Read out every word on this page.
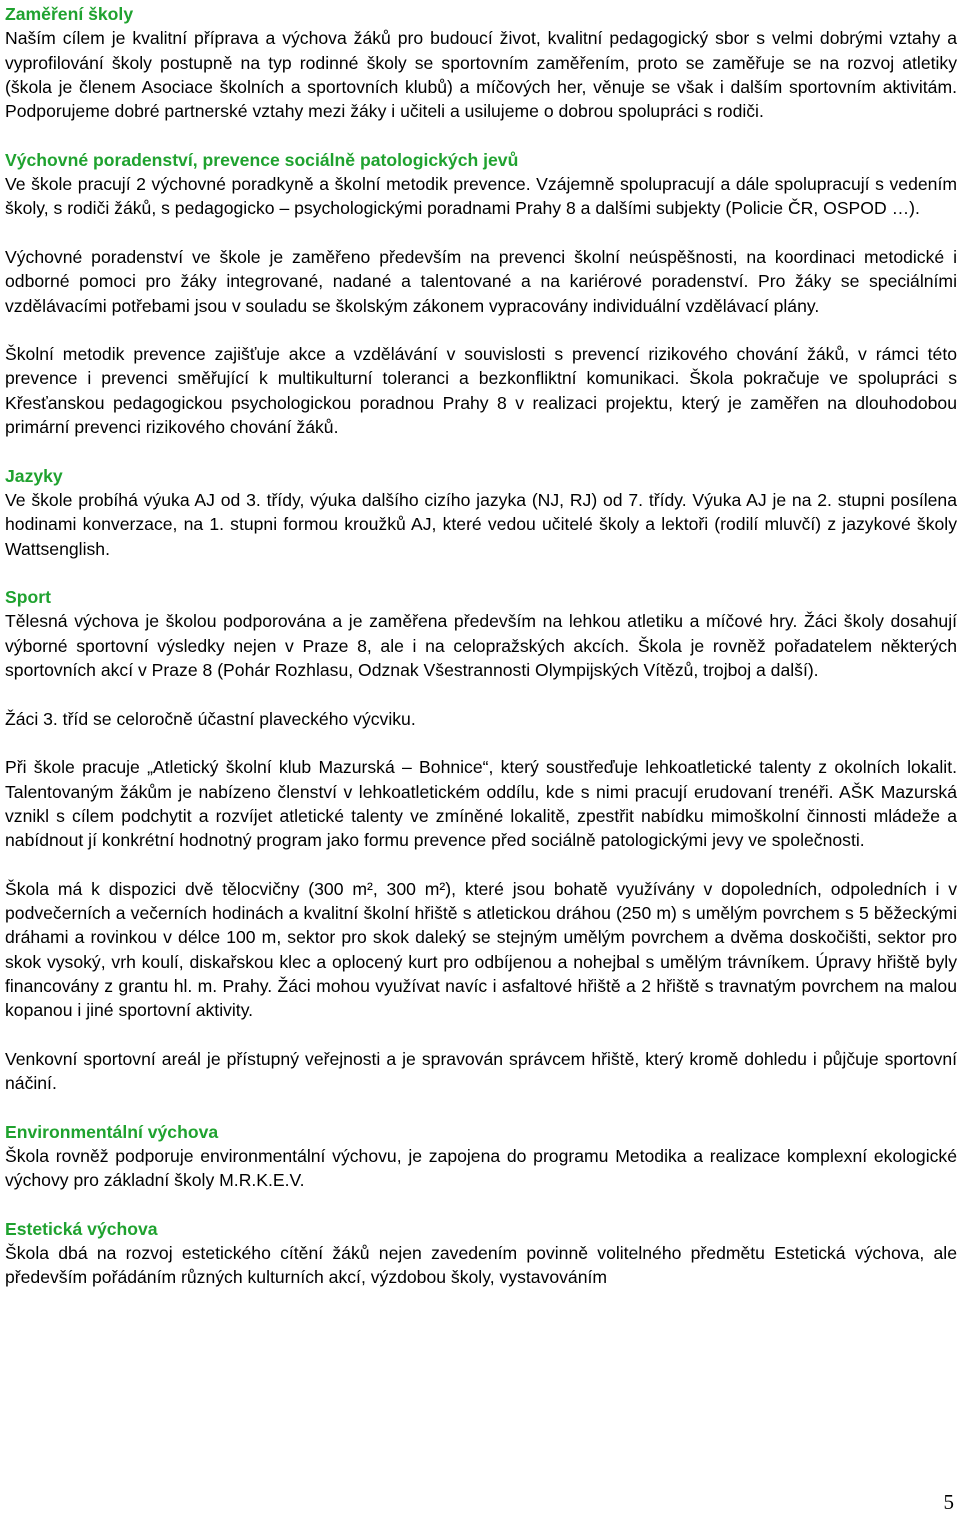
Zaměření školy

Naším cílem je kvalitní příprava a výchova žáků pro budoucí život, kvalitní pedagogický sbor s velmi dobrými vztahy a vyprofilování školy postupně na typ rodinné školy se sportovním zaměřením, proto se zaměřuje se na rozvoj atletiky (škola je členem Asociace školních a sportovních klubů) a míčových her, věnuje se však i dalším sportovním aktivitám. Podporujeme dobré partnerské vztahy mezi žáky i učiteli a usilujeme o dobrou spolupráci s rodiči.

Výchovné poradenství, prevence sociálně patologických jevů

Ve škole pracují 2 výchovné poradkyně a školní metodik prevence. Vzájemně spolupracují a dále spolupracují s vedením školy, s rodiči žáků, s pedagogicko – psychologickými poradnami Prahy 8 a dalšími subjekty (Policie ČR, OSPOD …).

Výchovné poradenství ve škole je zaměřeno především na prevenci školní neúspěšnosti, na koordinaci metodické i odborné pomoci pro žáky integrované, nadané a talentované a na kariérové poradenství. Pro žáky se speciálními vzdělávacími potřebami jsou v souladu se školským zákonem vypracovány individuální vzdělávací plány.

Školní metodik prevence zajišťuje akce a vzdělávání v souvislosti s prevencí rizikového chování žáků, v rámci této prevence i prevenci směřující k multikulturní toleranci a bezkonfliktní komunikaci. Škola pokračuje ve spolupráci s Křesťanskou pedagogickou psychologickou poradnou Prahy 8 v realizaci projektu, který je zaměřen na dlouhodobou primární prevenci rizikového chování žáků.

Jazyky

Ve škole probíhá výuka AJ od 3. třídy, výuka dalšího cizího jazyka (NJ, RJ) od 7. třídy. Výuka AJ je na 2. stupni posílena hodinami konverzace, na 1. stupni formou kroužků AJ, které vedou učitelé školy a lektoři (rodilí mluvčí) z jazykové školy Wattsenglish.

Sport

Tělesná výchova je školou podporována a je zaměřena především na lehkou atletiku a míčové hry. Žáci školy dosahují výborné sportovní výsledky nejen v Praze 8, ale i na celopražských akcích. Škola je rovněž pořadatelem některých sportovních akcí v Praze 8 (Pohár Rozhlasu, Odznak Všestrannosti Olympijských Vítězů, trojboj a další).

Žáci 3. tříd se celoročně účastní plaveckého výcviku.

Při škole pracuje „Atletický školní klub Mazurská – Bohnice“, který soustřeďuje lehkoatletické talenty z okolních lokalit. Talentovaným žákům je nabízeno členství v lehkoatletickém oddílu, kde s nimi pracují erudovaní trenéři. AŠK Mazurská vznikl s cílem podchytit a rozvíjet atletické talenty ve zmíněné lokalitě, zpestřit nabídku mimoškolní činnosti mládeže a nabídnout jí konkrétní hodnotný program jako formu prevence před sociálně patologickými jevy ve společnosti.

Škola má k dispozici dvě tělocvičny (300 m², 300 m²), které jsou bohatě využívány v dopoledních, odpoledních i v podvečerních a večerních hodinách a kvalitní školní hřiště s atletickou dráhou (250 m) s umělým povrchem s 5 běžeckými dráhami a rovinkou v délce 100 m, sektor pro skok daleký se stejným umělým povrchem a dvěma doskočišti, sektor pro skok vysoký, vrh koulí, diskařskou klec a oplocený kurt pro odbíjenou a nohejbal s umělým trávníkem. Úpravy hřiště byly financovány z grantu hl. m. Prahy. Žáci mohou využívat navíc i asfaltové hřiště a 2 hřiště s travnatým povrchem na malou kopanou i jiné sportovní aktivity.

Venkovní sportovní areál je přístupný veřejnosti a je spravován správcem hřiště, který kromě dohledu i půjčuje sportovní náčiní.

Environmentální výchova

Škola rovněž podporuje environmentální výchovu, je zapojena do programu Metodika a realizace komplexní ekologické výchovy pro základní školy M.R.K.E.V.

Estetická výchova

Škola dbá na rozvoj estetického cítění žáků nejen zavedením povinně volitelného předmětu Estetická výchova, ale především pořádáním různých kulturních akcí, výzdobou školy, vystavováním

5
